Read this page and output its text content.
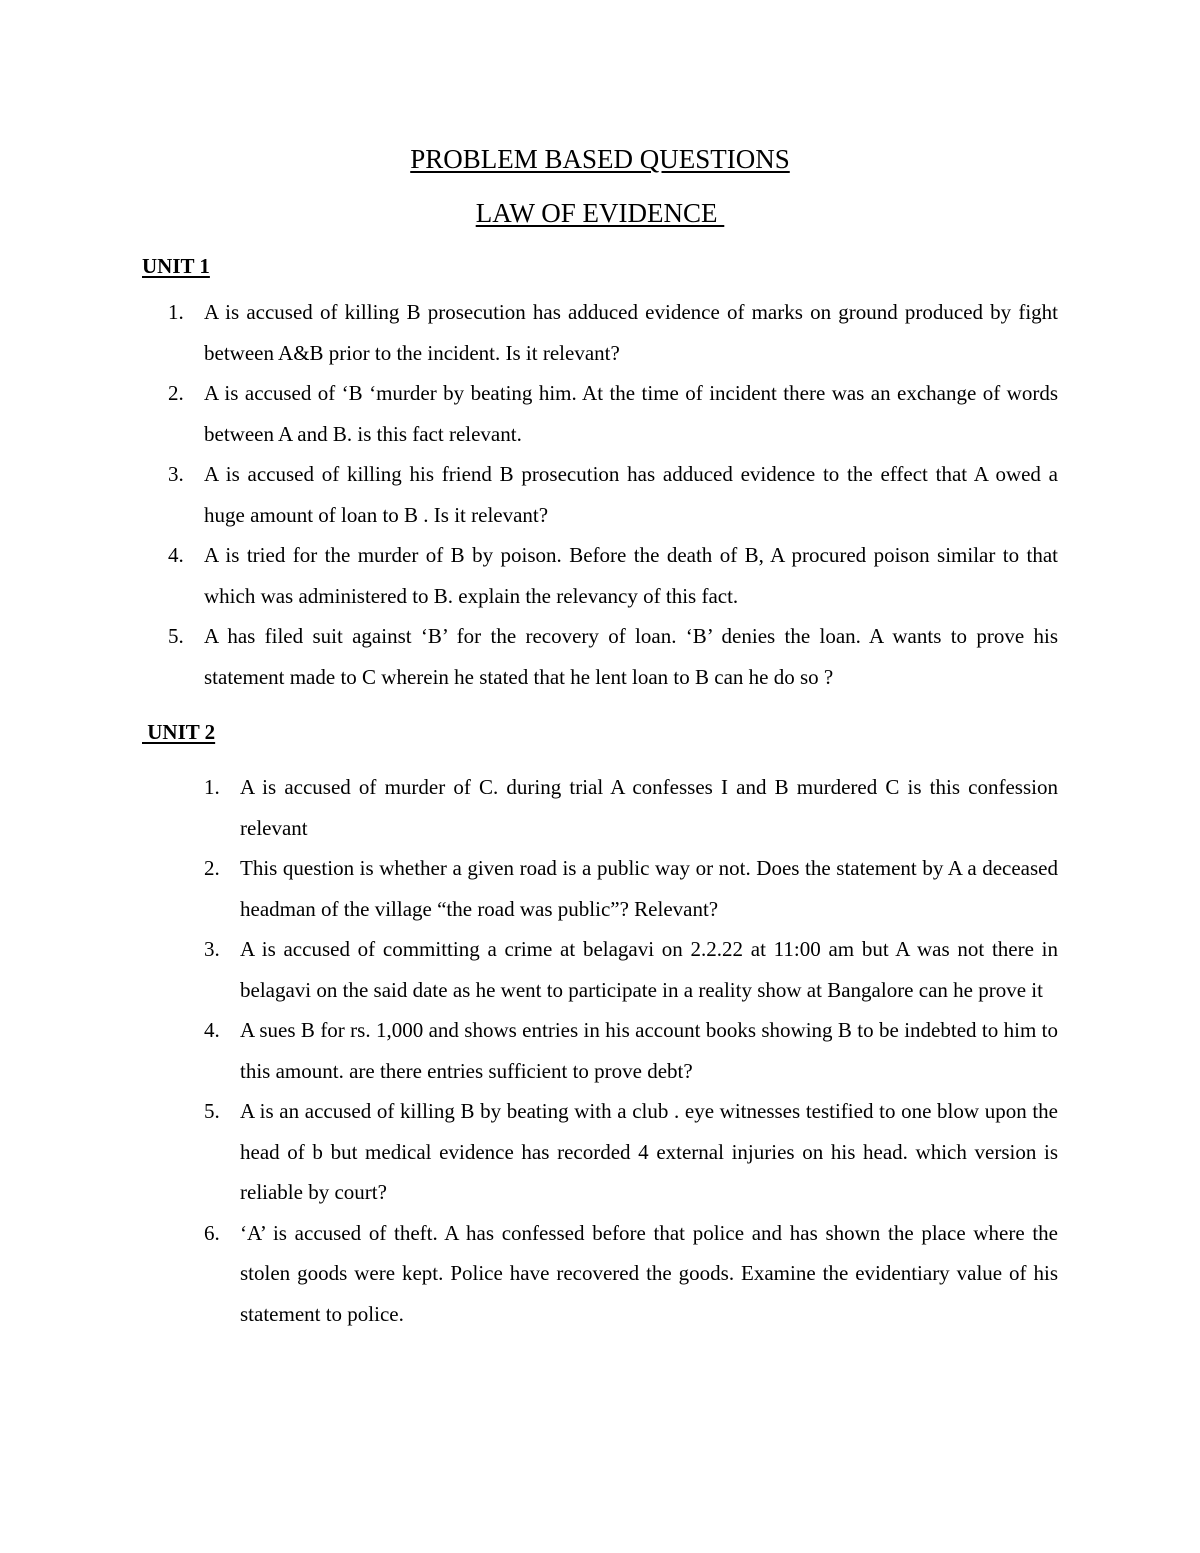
PROBLEM BASED QUESTIONS
LAW OF EVIDENCE
UNIT 1
1. A is accused of killing B prosecution has adduced evidence of marks on ground produced by fight between A&B prior to the incident. Is it relevant?
2. A is accused of ‘B ‘murder by beating him. At the time of incident there was an exchange of words between A and B. is this fact relevant.
3. A is accused of killing his friend B prosecution has adduced evidence to the effect that A owed a huge amount of loan to B . Is it relevant?
4. A is tried for the murder of B by poison. Before the death of B, A procured poison similar to that which was administered to B. explain the relevancy of this fact.
5. A has filed suit against ‘B’ for the recovery of loan. ‘B’ denies the loan. A wants to prove his statement made to C wherein he stated that he lent loan to B can he do so ?
UNIT 2
1. A is accused of murder of C. during trial A confesses I and B murdered C is this confession relevant
2. This question is whether a given road is a public way or not. Does the statement by A a deceased headman of the village “the road was public”? Relevant?
3. A is accused of committing a crime at belagavi on 2.2.22 at 11:00 am but A was not there in belagavi on the said date as he went to participate in a reality show at Bangalore can he prove it
4. A sues B for rs. 1,000 and shows entries in his account books showing B to be indebted to him to this amount. are there entries sufficient to prove debt?
5. A is an accused of killing B by beating with a club . eye witnesses testified to one blow upon the head of b but medical evidence has recorded 4 external injuries on his head. which version is reliable by court?
6. ‘A’ is accused of theft. A has confessed before that police and has shown the place where the stolen goods were kept. Police have recovered the goods. Examine the evidentiary value of his statement to police.
